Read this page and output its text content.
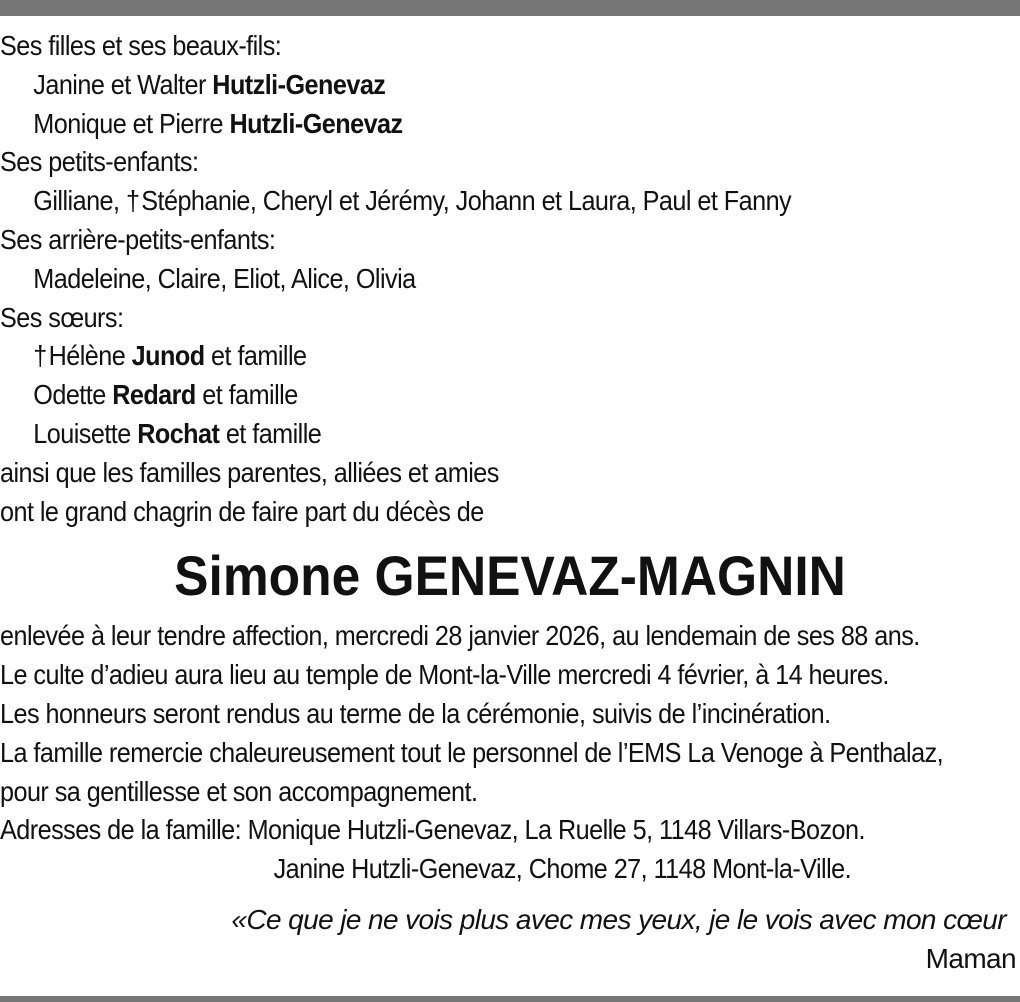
Ses filles et ses beaux-fils:
Janine et Walter Hutzli-Genevaz
Monique et Pierre Hutzli-Genevaz
Ses petits-enfants:
Gilliane, †Stéphanie, Cheryl et Jérémy, Johann et Laura, Paul et Fanny
Ses arrière-petits-enfants:
Madeleine, Claire, Eliot, Alice, Olivia
Ses sœurs:
†Hélène Junod et famille
Odette Redard et famille
Louisette Rochat et famille
ainsi que les familles parentes, alliées et amies
ont le grand chagrin de faire part du décès de
Simone GENEVAZ-MAGNIN
enlevée à leur tendre affection, mercredi 28 janvier 2026, au lendemain de ses 88 ans.
Le culte d’adieu aura lieu au temple de Mont-la-Ville mercredi 4 février, à 14 heures.
Les honneurs seront rendus au terme de la cérémonie, suivis de l’incinération.
La famille remercie chaleureusement tout le personnel de l’EMS La Venoge à Penthalaz,
pour sa gentillesse et son accompagnement.
Adresses de la famille: Monique Hutzli-Genevaz, La Ruelle 5, 1148 Villars-Bozon.
Janine Hutzli-Genevaz, Chome 27, 1148 Mont-la-Ville.
«Ce que je ne vois plus avec mes yeux, je le vois avec mon cœur
Maman
